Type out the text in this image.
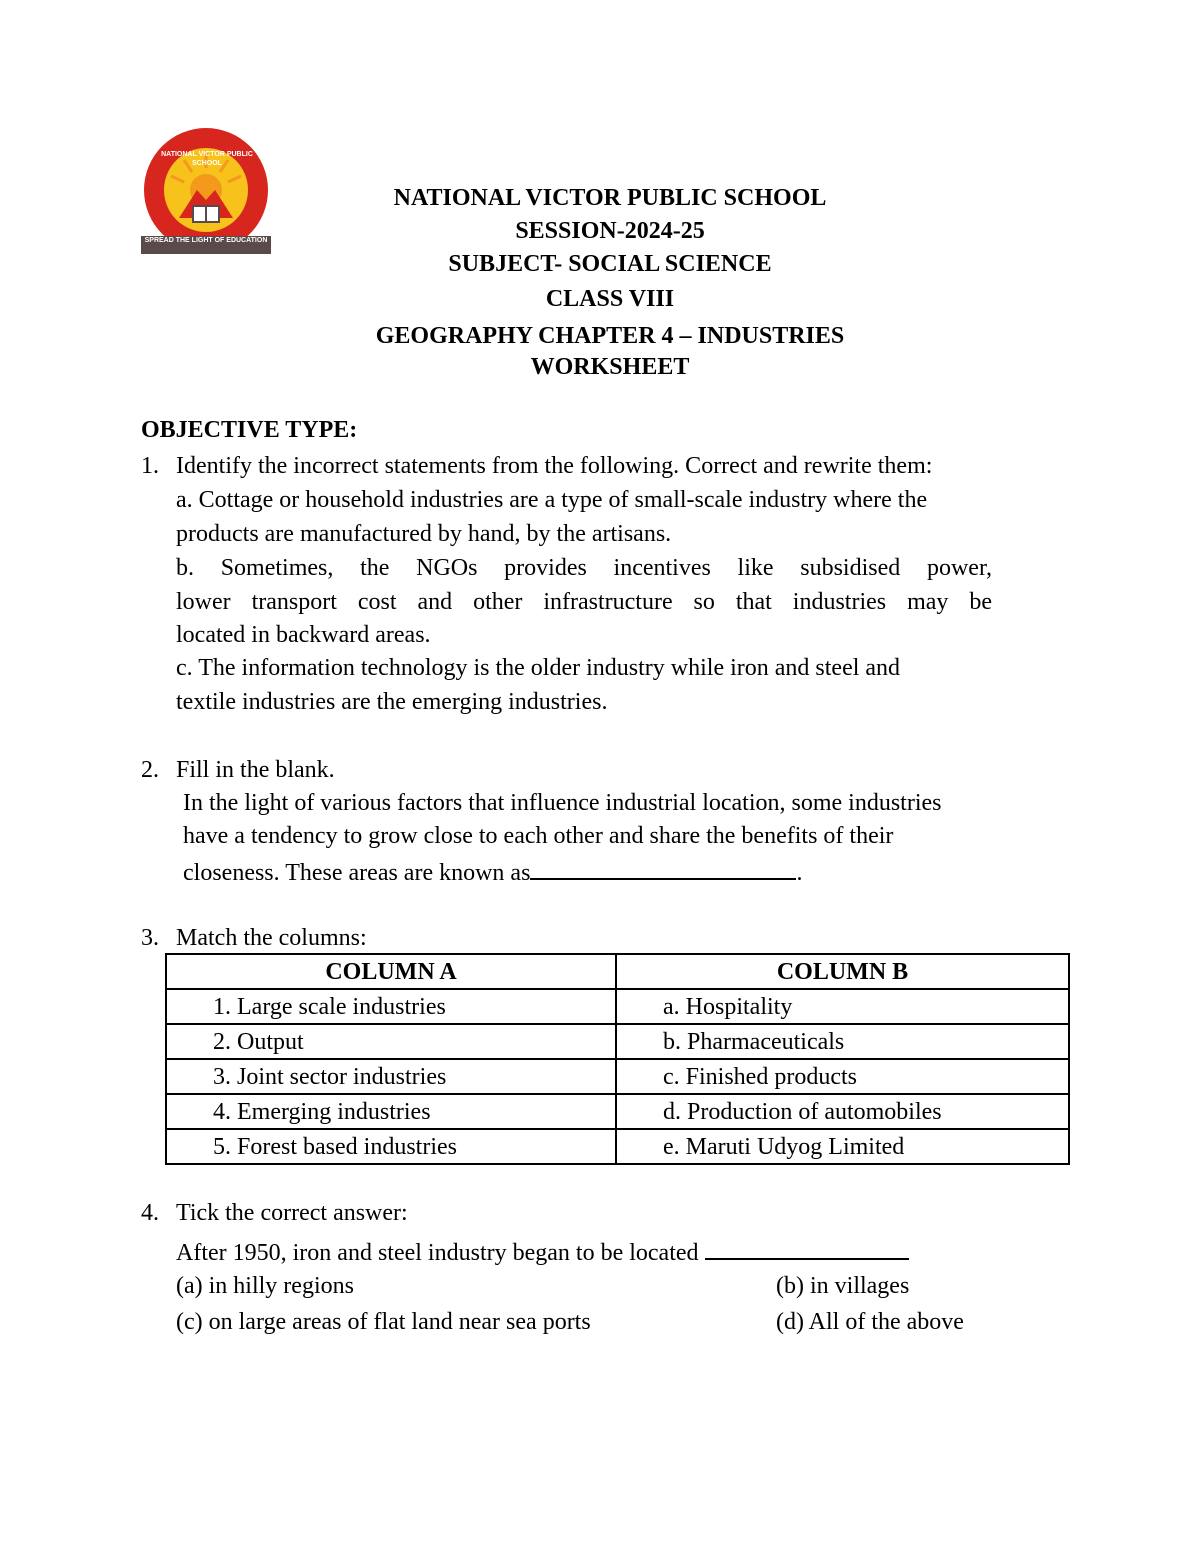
SPREAD THE LIGHT OF EDUCATION
NATIONAL VICTOR PUBLIC SCHOOL
NATIONAL VICTOR PUBLIC SCHOOL
SESSION-2024-25
SUBJECT- SOCIAL SCIENCE
CLASS VIII
GEOGRAPHY CHAPTER 4 – INDUSTRIES
WORKSHEET
OBJECTIVE TYPE:
1. Identify the incorrect statements from the following. Correct and rewrite them:
a. Cottage or household industries are a type of small-scale industry where the
products are manufactured by hand, by the artisans.
b. Sometimes, the NGOs provides incentives like subsidised power,
lower transport cost and other infrastructure so that industries may be
located in backward areas.
c. The information technology is the older industry while iron and steel and
textile industries are the emerging industries.
2. Fill in the blank.
In the light of various factors that influence industrial location, some industries
have a tendency to grow close to each other and share the benefits of their
closeness. These areas are known as	.
3. Match the columns:
COLUMN A	COLUMN B
1. Large scale industries	a. Hospitality
2. Output	b. Pharmaceuticals
3. Joint sector industries	c. Finished products
4. Emerging industries	d. Production of automobiles
5. Forest based industries	e. Maruti Udyog Limited
4. Tick the correct answer:
After 1950, iron and steel industry began to be located
(a) in hilly regions	(b) in villages
(c) on large areas of flat land near sea ports	(d) All of the above
